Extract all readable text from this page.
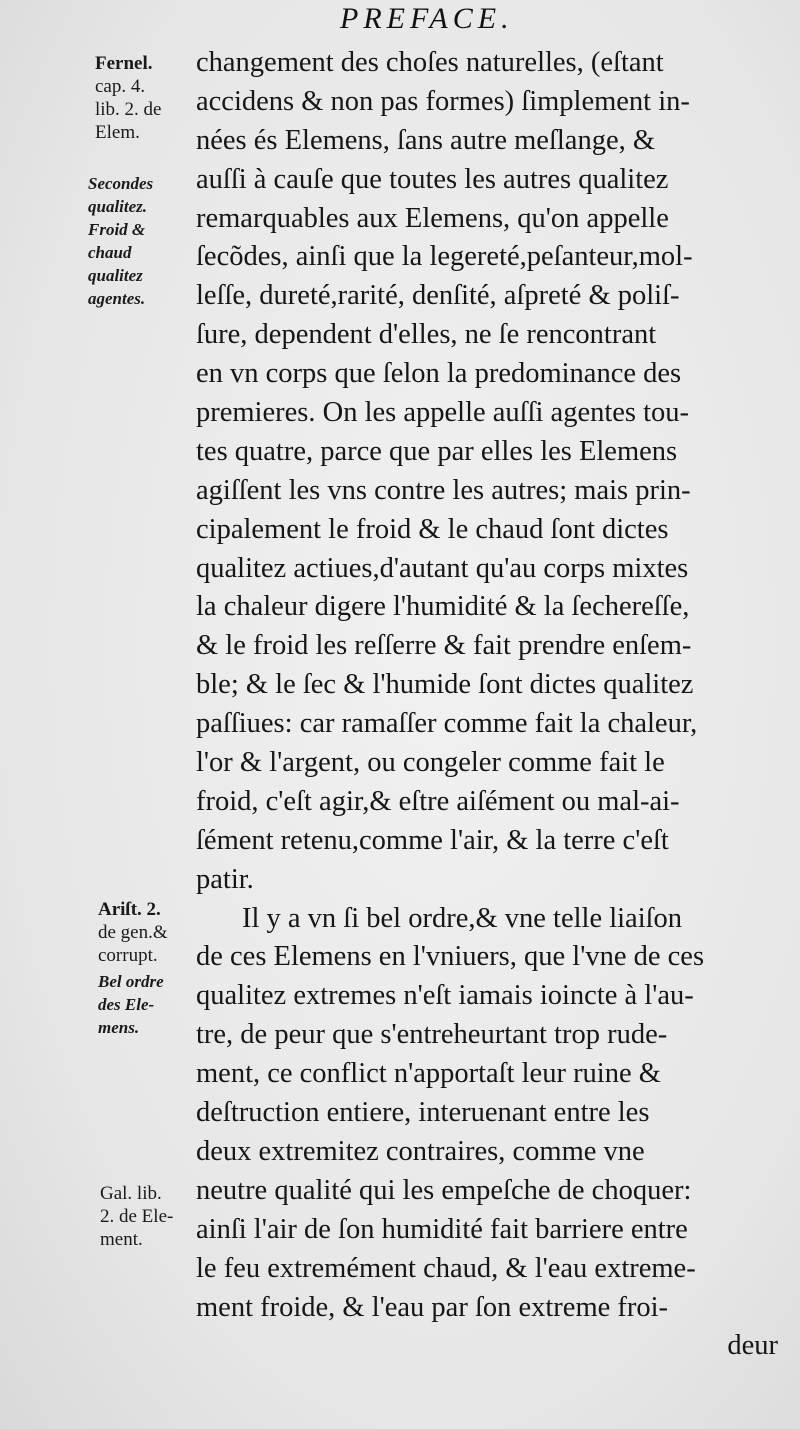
PREFACE.
Fernel.
cap. 4.
lib. 2. de
Elem.
Secondes
qualitez.
Froid &
chaud
qualitez
agentes.
Ariſt. 2.
de gen.&
corrupt.
Bel ordre
des Ele-
mens.
Gal. lib.
2. de Ele-
ment.
changement des choſes naturelles, (eſtant
accidens & non pas formes) ſimplement in-
nées és Elemens, ſans autre meſlange, &
auſſi à cauſe que toutes les autres qualitez
remarquables aux Elemens, qu'on appelle
ſecõdes, ainſi que la legereté,peſanteur,mol-
leſſe, dureté,rarité, denſité, aſpreté & poliſ-
ſure, dependent d'elles, ne ſe rencontrant
en vn corps que ſelon la predominance des
premieres. On les appelle auſſi agentes tou-
tes quatre, parce que par elles les Elemens
agiſſent les vns contre les autres; mais prin-
cipalement le froid & le chaud ſont dictes
qualitez actiues,d'autant qu'au corps mixtes
la chaleur digere l'humidité & la ſechereſſe,
& le froid les reſſerre & fait prendre enſem-
ble; & le ſec & l'humide ſont dictes qualitez
paſſiues: car ramaſſer comme fait la chaleur,
l'or & l'argent, ou congeler comme fait le
froid, c'eſt agir,& eſtre aiſément ou mal-ai-
ſément retenu,comme l'air, & la terre c'eſt
patir.
Il y a vn ſi bel ordre,& vne telle liaiſon
de ces Elemens en l'vniuers, que l'vne de ces
qualitez extremes n'eſt iamais ioincte à l'au-
tre, de peur que s'entreheurtant trop rude-
ment, ce conflict n'apportaſt leur ruine &
deſtruction entiere, interuenant entre les
deux extremitez contraires, comme vne
neutre qualité qui les empeſche de choquer:
ainſi l'air de ſon humidité fait barriere entre
le feu extremément chaud, & l'eau extreme-
ment froide, & l'eau par ſon extreme froi-
deur
